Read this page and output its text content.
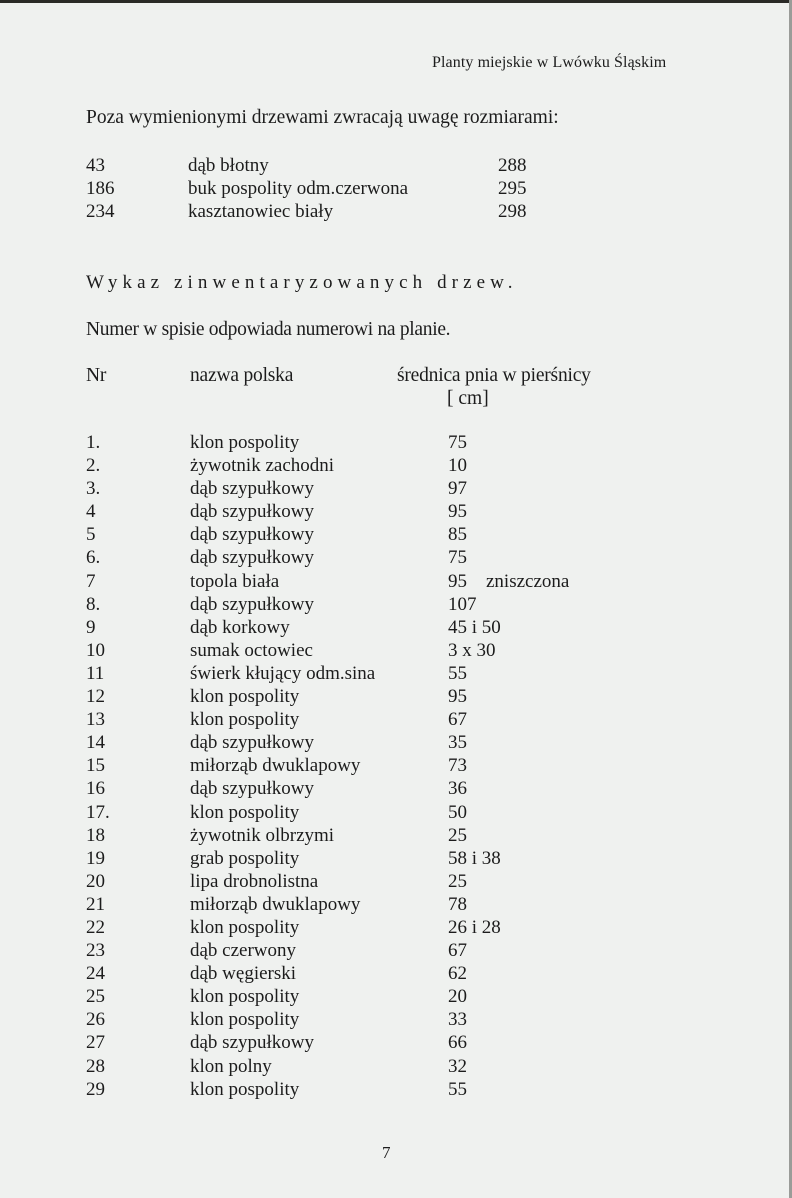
Planty miejskie w Lwówku Śląskim
Poza wymienionymi drzewami zwracają uwagę rozmiarami:
43	dąb błotny	288
186	buk pospolity odm.czerwona	295
234	kasztanowiec biały	298
Wykaz zinwentaryzowanych drzew.
Numer w spisie odpowiada numerowi na planie.
Nr	nazwa polska	średnica pnia w pierśnicy
[ cm]
1.	klon pospolity	75
2.	żywotnik zachodni	10
3.	dąb szypułkowy	97
4	dąb szypułkowy	95
5	dąb szypułkowy	85
6.	dąb szypułkowy	75
7	topola biała	95 zniszczona
8.	dąb szypułkowy	107
9	dąb korkowy	45 i 50
10	sumak octowiec	3 x 30
11	świerk kłujący odm.sina	55
12	klon pospolity	95
13	klon pospolity	67
14	dąb szypułkowy	35
15	miłorząb dwuklapowy	73
16	dąb szypułkowy	36
17.	klon pospolity	50
18	żywotnik olbrzymi	25
19	grab pospolity	58 i 38
20	lipa drobnolistna	25
21	miłorząb dwuklapowy	78
22	klon pospolity	26 i 28
23	dąb czerwony	67
24	dąb węgierski	62
25	klon pospolity	20
26	klon pospolity	33
27	dąb szypułkowy	66
28	klon polny	32
29	klon pospolity	55
7
